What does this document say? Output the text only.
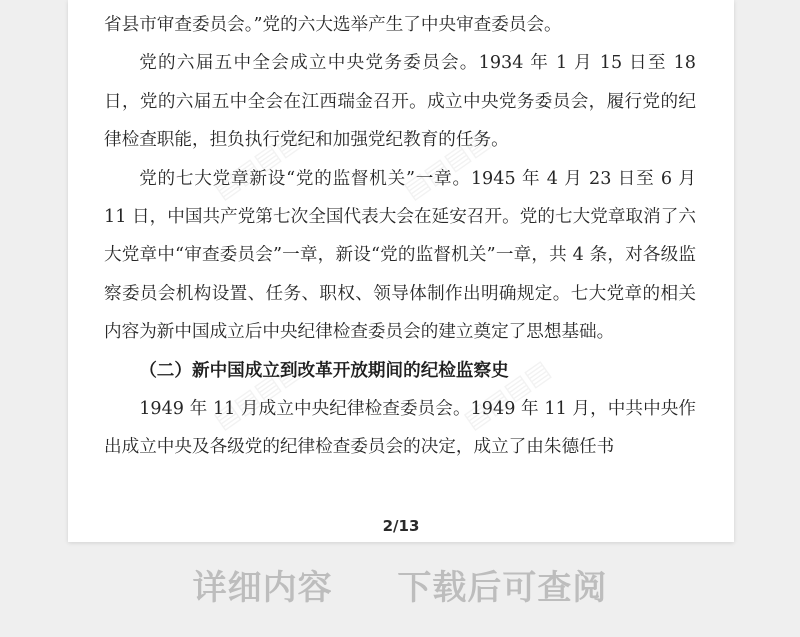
▤▤▤▤	▤▤▤▤
▤▤▤▤	▤▤▤▤

省县市审查委员会。”党的六大选举产生了中央审查委员会。

党的六届五中全会成立中央党务委员会。1934 年 1 月 15 日至 18 日，党的六届五中全会在江西瑞金召开。成立中央党务委员会，履行党的纪律检查职能，担负执行党纪和加强党纪教育的任务。

党的七大党章新设“党的监督机关”一章。1945 年 4 月 23 日至 6 月 11 日，中国共产党第七次全国代表大会在延安召开。党的七大党章取消了六大党章中“审查委员会”一章，新设“党的监督机关”一章，共 4 条，对各级监察委员会机构设置、任务、职权、领导体制作出明确规定。七大党章的相关内容为新中国成立后中央纪律检查委员会的建立奠定了思想基础。

（二）新中国成立到改革开放期间的纪检监察史

1949 年 11 月成立中央纪律检查委员会。1949 年 11 月，中共中央作出成立中央及各级党的纪律检查委员会的决定，成立了由朱德任书

2/13
详细内容 下载后可查阅
